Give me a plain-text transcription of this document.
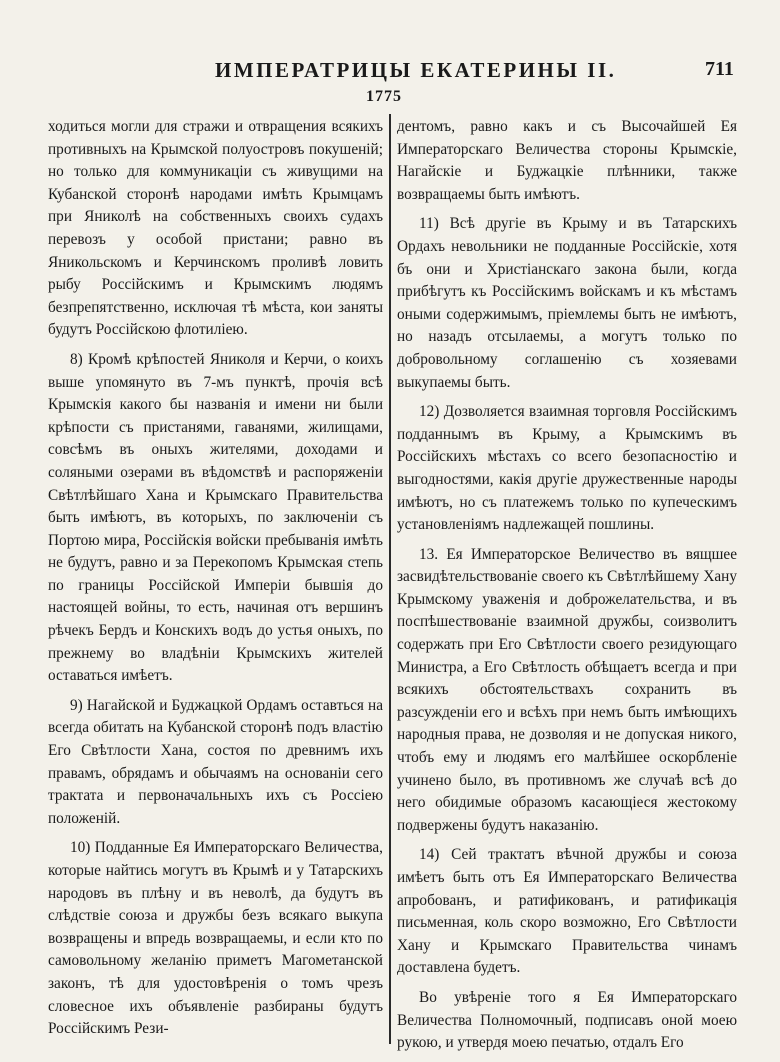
ИМПЕРАТРИЦЫ ЕКАТЕРИНЫ II.	711
1775

ходиться могли для стражи и отвращения всякихъ противныхъ на Крымской полуостровъ покушеній; но только для коммуникаціи съ живущими на Кубанской сторонѣ народами имѣть Крымцамъ при Яниколѣ на собственныхъ своихъ судахъ перевозъ у особой пристани; равно въ Яникольскомъ и Керчинскомъ проливѣ ловить рыбу Россійскимъ и Крымскимъ людямъ безпрепятственно, исключая тѣ мѣста, кои заняты будутъ Россійскою флотиліею.

8) Кромѣ крѣпостей Яниколя и Керчи, о коихъ выше упомянуто въ 7-мъ пунктѣ, прочія всѣ Крымскія какого бы названія и имени ни были крѣпости съ пристанями, гаванями, жилищами, совсѣмъ въ оныхъ жителями, доходами и соляными озерами въ вѣдомствѣ и распоряженіи Свѣтлѣйшаго Хана и Крымскаго Правительства быть имѣютъ, въ которыхъ, по заключеніи съ Портою мира, Россійскія войски пребыванія имѣть не будутъ, равно и за Перекопомъ Крымская степь по границы Россійской Имперіи бывшія до настоящей войны, то есть, начиная отъ вершинъ рѣчекъ Бердъ и Конскихъ водъ до устья оныхъ, по прежнему во владѣніи Крымскихъ жителей оставаться имѣетъ.

9) Нагайской и Буджацкой Ордамъ оставться на всегда обитать на Кубанской сторонѣ подъ властію Его Свѣтлости Хана, состоя по древнимъ ихъ правамъ, обрядамъ и обычаямъ на основаніи сего трактата и первоначальныхъ ихъ съ Россіею положеній.

10) Подданные Ея Императорскаго Величества, которые найтись могутъ въ Крымѣ и у Татарскихъ народовъ въ плѣну и въ неволѣ, да будутъ въ слѣдствіе союза и дружбы безъ всякаго выкупа возвращены и впредь возвращаемы, и если кто по самовольному желанію приметъ Магометанской законъ, тѣ для удостовѣренія о томъ чрезъ словесное ихъ объявленіе разбираны будутъ Россійскимъ Рези-

дентомъ, равно какъ и съ Высочайшей Ея Императорскаго Величества стороны Крымскіе, Нагайскіе и Буджацкіе плѣнники, также возвращаемы быть имѣютъ.

11) Всѣ другіе въ Крыму и въ Татарскихъ Ордахъ невольники не подданные Россійскіе, хотя бъ они и Христіанскаго закона были, когда прибѣгутъ къ Россійскимъ войскамъ и къ мѣстамъ оными содержимымъ, пріемлемы быть не имѣютъ, но назадъ отсылаемы, а могутъ только по добровольному соглашенію съ хозяевами выкупаемы быть.

12) Дозволяется взаимная торговля Россійскимъ подданнымъ въ Крыму, а Крымскимъ въ Россійскихъ мѣстахъ со всего безопасностію и выгодностями, какія другіе дружественные народы имѣютъ, но съ платежемъ только по купеческимъ установленіямъ надлежащей пошлины.

13. Ея Императорское Величество въ вящшее засвидѣтельствованіе своего къ Свѣтлѣйшему Хану Крымскому уваженія и доброжелательства, и въ поспѣшествованіе взаимной дружбы, соизволитъ содержать при Его Свѣтлости своего резидующаго Министра, а Его Свѣтлость обѣщаетъ всегда и при всякихъ обстоятельствахъ сохранить въ разсужденіи его и всѣхъ при немъ быть имѣющихъ народныя права, не дозволяя и не допуская никого, чтобъ ему и людямъ его малѣйшее оскорбленіе учинено было, въ противномъ же случаѣ всѣ до него обидимые образомъ касающіеся жестокому подвержены будутъ наказанію.

14) Сей трактатъ вѣчной дружбы и союза имѣетъ быть отъ Ея Императорскаго Величества апробованъ, и ратификованъ, и ратификація письменная, коль скоро возможно, Его Свѣтлости Хану и Крымскаго Правительства чинамъ доставлена будетъ.

Во увѣреніе того я Ея Императорскаго Величества Полномочный, подписавъ оной моею рукою, и утвердя моею печатью, отдалъ Его
